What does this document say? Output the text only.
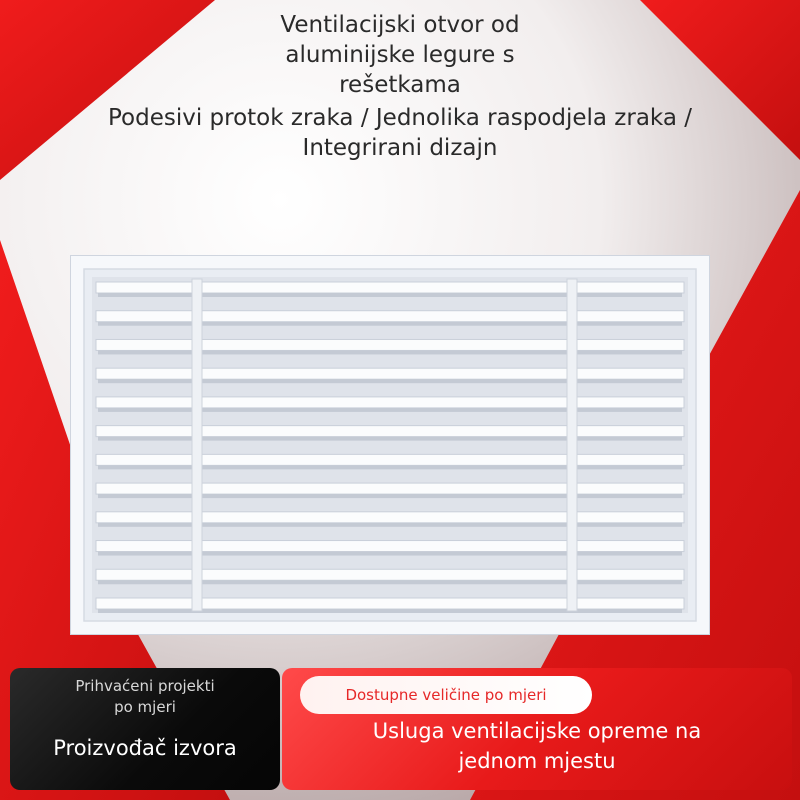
Ventilacijski otvor od
aluminijske legure s
rešetkama
Podesivi protok zraka / Jednolika raspodjela zraka /
Integrirani dizajn
Prihvaćeni projekti
po mjeri
Proizvođač izvora
Usluga ventilacijske opreme na
jednom mjestu
Dostupne veličine po mjeri
